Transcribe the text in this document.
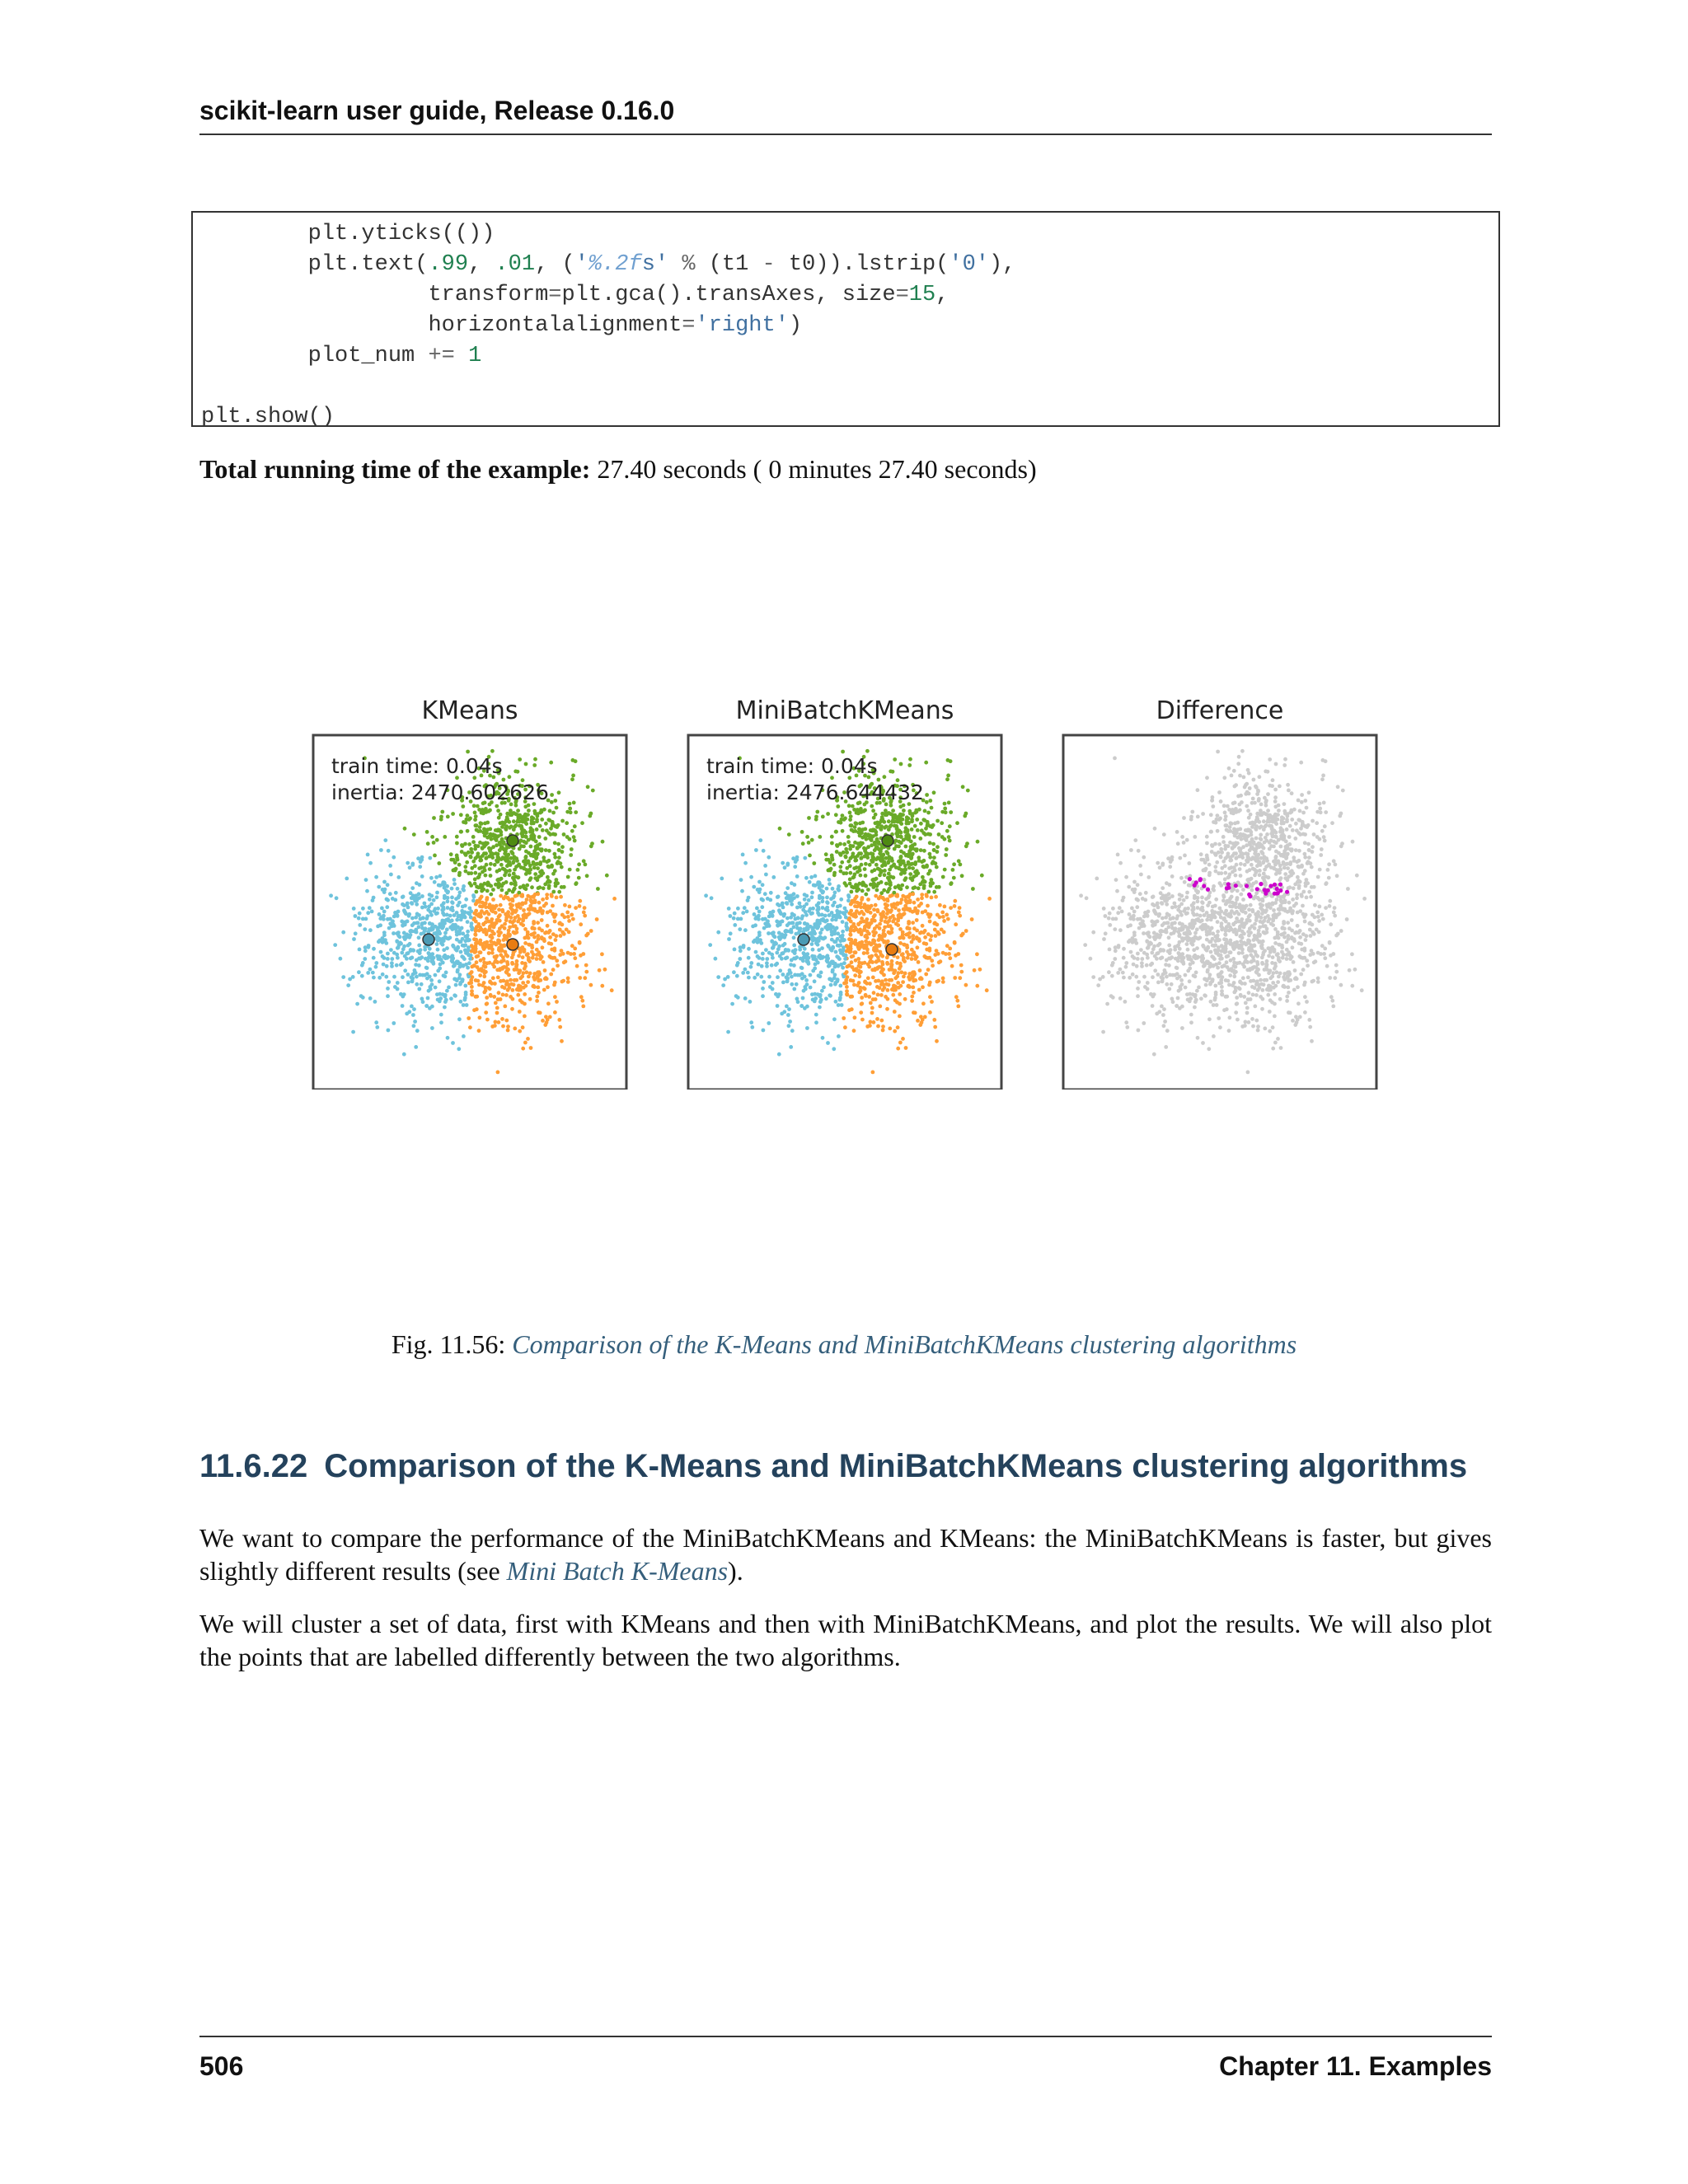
scikit-learn user guide, Release 0.16.0
plt.yticks(())
plt.text(.99, .01, ('%.2fs' % (t1 - t0)).lstrip('0'),
transform=plt.gca().transAxes, size=15,
horizontalalignment='right')
plot_num += 1
plt.show()
Total running time of the example: 27.40 seconds ( 0 minutes 27.40 seconds)
KMeans
train time: 0.04s
inertia: 2470.602626
MiniBatchKMeans
train time: 0.04s
inertia: 2476.644432
Difference
Fig. 11.56: Comparison of the K-Means and MiniBatchKMeans clustering algorithms
11.6.22 Comparison of the K-Means and MiniBatchKMeans clustering algorithms
We want to compare the performance of the MiniBatchKMeans and KMeans: the MiniBatchKMeans is faster, but gives slightly different results (see Mini Batch K-Means).
We will cluster a set of data, first with KMeans and then with MiniBatchKMeans, and plot the results. We will also plot the points that are labelled differently between the two algorithms.
506	Chapter 11. Examples
